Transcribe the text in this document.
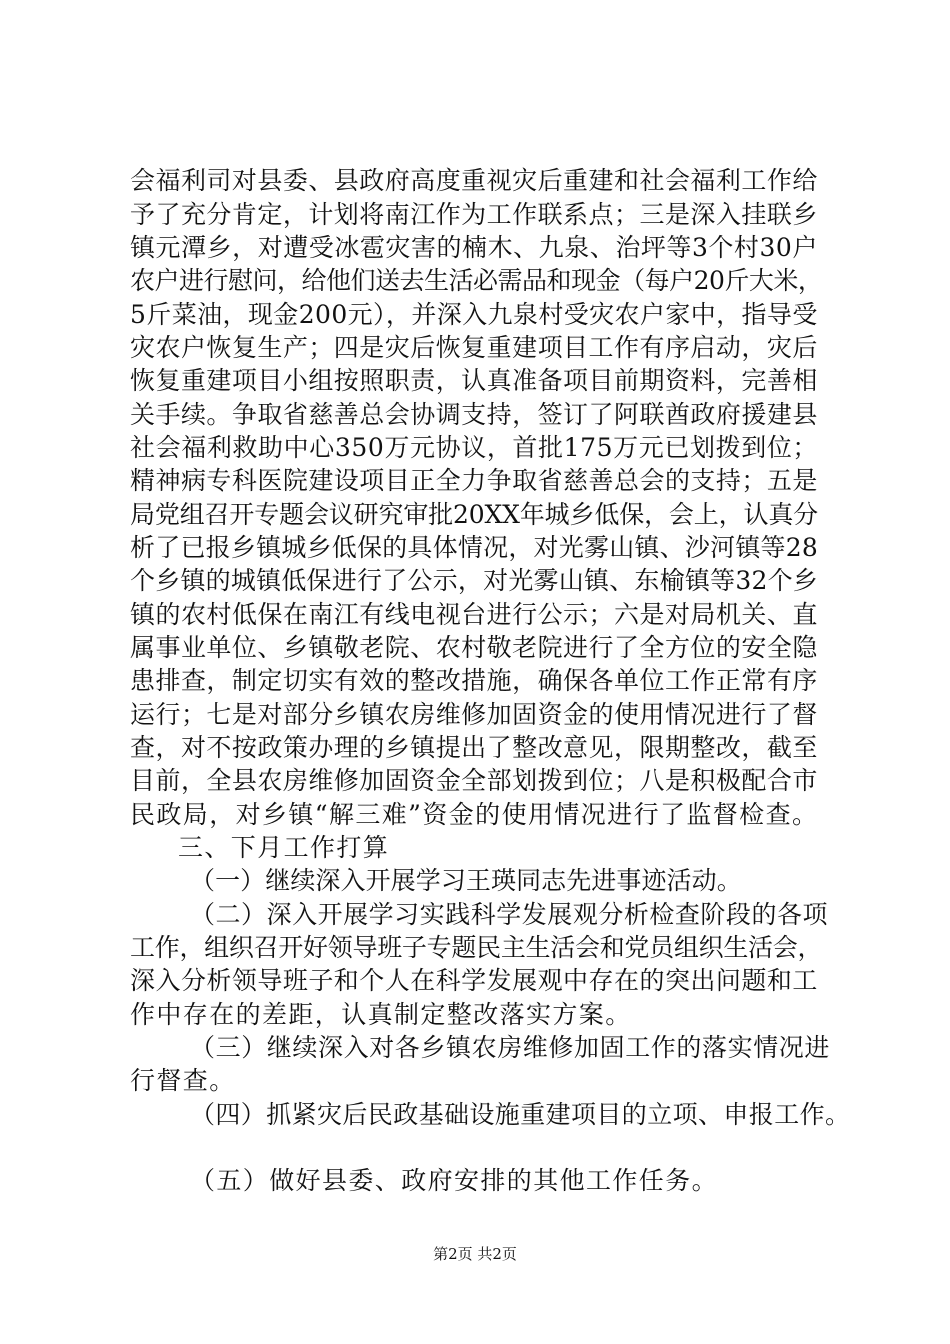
会福利司对县委、县政府高度重视灾后重建和社会福利工作给
予了充分肯定，计划将南江作为工作联系点；三是深入挂联乡
镇元潭乡，对遭受冰雹灾害的楠木、九泉、治坪等3个村30户
农户进行慰问，给他们送去生活必需品和现金（每户20斤大米，
5斤菜油，现金200元），并深入九泉村受灾农户家中，指导受
灾农户恢复生产；四是灾后恢复重建项目工作有序启动，灾后
恢复重建项目小组按照职责，认真准备项目前期资料，完善相
关手续。争取省慈善总会协调支持，签订了阿联酋政府援建县
社会福利救助中心350万元协议，首批175万元已划拨到位；
精神病专科医院建设项目正全力争取省慈善总会的支持；五是
局党组召开专题会议研究审批20XX年城乡低保，会上，认真分
析了已报乡镇城乡低保的具体情况，对光雾山镇、沙河镇等28
个乡镇的城镇低保进行了公示，对光雾山镇、东榆镇等32个乡
镇的农村低保在南江有线电视台进行公示；六是对局机关、直
属事业单位、乡镇敬老院、农村敬老院进行了全方位的安全隐
患排查，制定切实有效的整改措施，确保各单位工作正常有序
运行；七是对部分乡镇农房维修加固资金的使用情况进行了督
查，对不按政策办理的乡镇提出了整改意见，限期整改，截至
目前，全县农房维修加固资金全部划拨到位；八是积极配合市
民政局，对乡镇“解三难”资金的使用情况进行了监督检查。
三、下月工作打算
（一）继续深入开展学习王瑛同志先进事迹活动。
（二）深入开展学习实践科学发展观分析检查阶段的各项
工作，组织召开好领导班子专题民主生活会和党员组织生活会，
深入分析领导班子和个人在科学发展观中存在的突出问题和工
作中存在的差距，认真制定整改落实方案。
（三）继续深入对各乡镇农房维修加固工作的落实情况进
行督查。
（四）抓紧灾后民政基础设施重建项目的立项、申报工作。
（五）做好县委、政府安排的其他工作任务。
第2页 共2页
